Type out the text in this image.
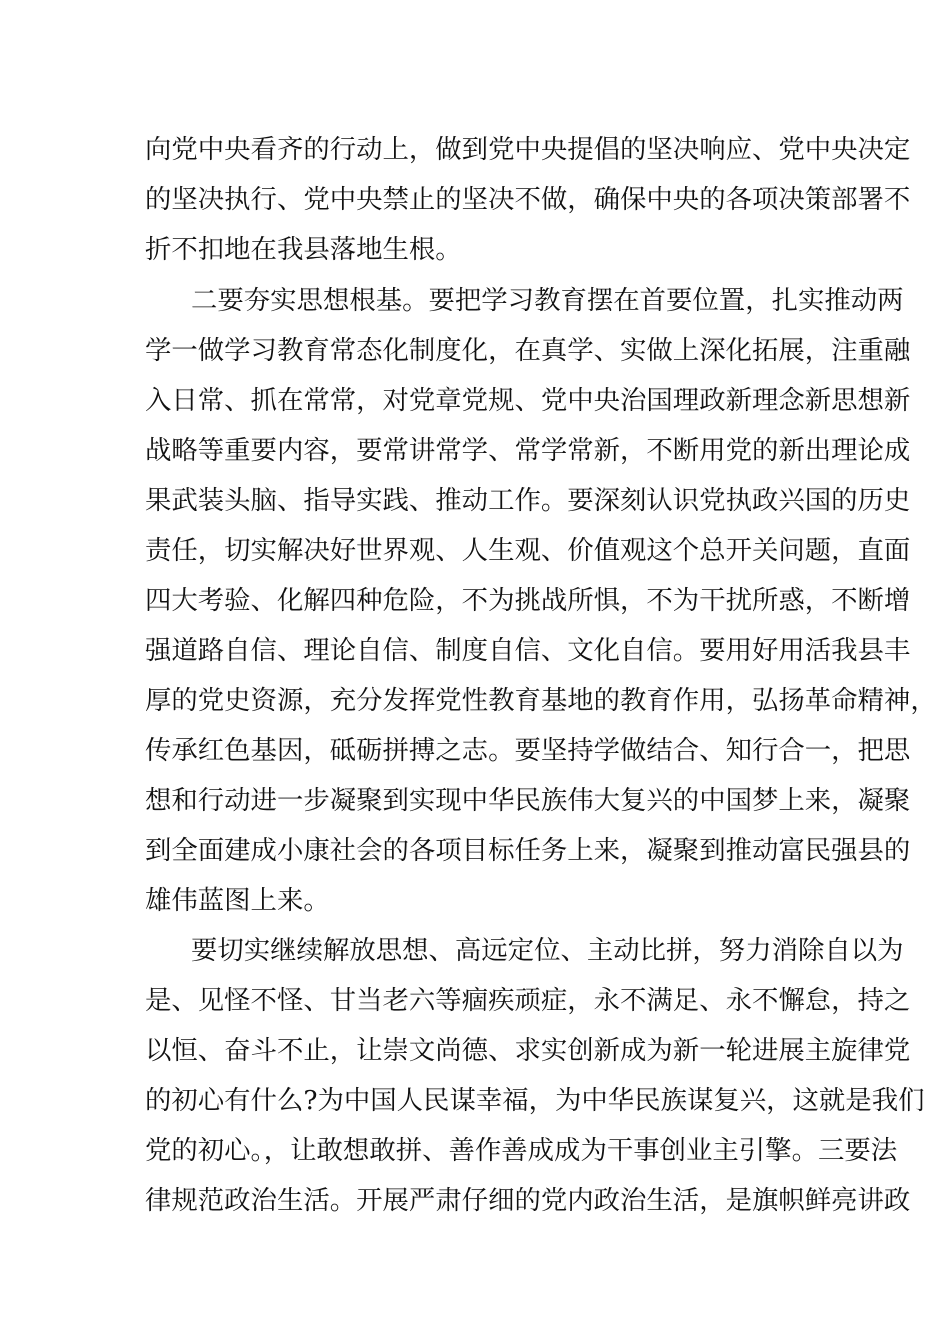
向党中央看齐的行动上，做到党中央提倡的坚决响应、党中央决定
的坚决执行、党中央禁止的坚决不做，确保中央的各项决策部署不
折不扣地在我县落地生根。
二要夯实思想根基。要把学习教育摆在首要位置，扎实推动两
学一做学习教育常态化制度化，在真学、实做上深化拓展，注重融
入日常、抓在常常，对党章党规、党中央治国理政新理念新思想新
战略等重要内容，要常讲常学、常学常新，不断用党的新出理论成
果武装头脑、指导实践、推动工作。要深刻认识党执政兴国的历史
责任，切实解决好世界观、人生观、价值观这个总开关问题，直面
四大考验、化解四种危险，不为挑战所惧，不为干扰所惑，不断增
强道路自信、理论自信、制度自信、文化自信。要用好用活我县丰
厚的党史资源，充分发挥党性教育基地的教育作用，弘扬革命精神，
传承红色基因，砥砺拼搏之志。要坚持学做结合、知行合一，把思
想和行动进一步凝聚到实现中华民族伟大复兴的中国梦上来，凝聚
到全面建成小康社会的各项目标任务上来，凝聚到推动富民强县的
雄伟蓝图上来。
要切实继续解放思想、高远定位、主动比拼，努力消除自以为
是、见怪不怪、甘当老六等痼疾顽症，永不满足、永不懈怠，持之
以恒、奋斗不止，让崇文尚德、求实创新成为新一轮进展主旋律党
的初心有什么?为中国人民谋幸福，为中华民族谋复兴，这就是我们
党的初心。，让敢想敢拼、善作善成成为干事创业主引擎。三要法
律规范政治生活。开展严肃仔细的党内政治生活，是旗帜鲜亮讲政
